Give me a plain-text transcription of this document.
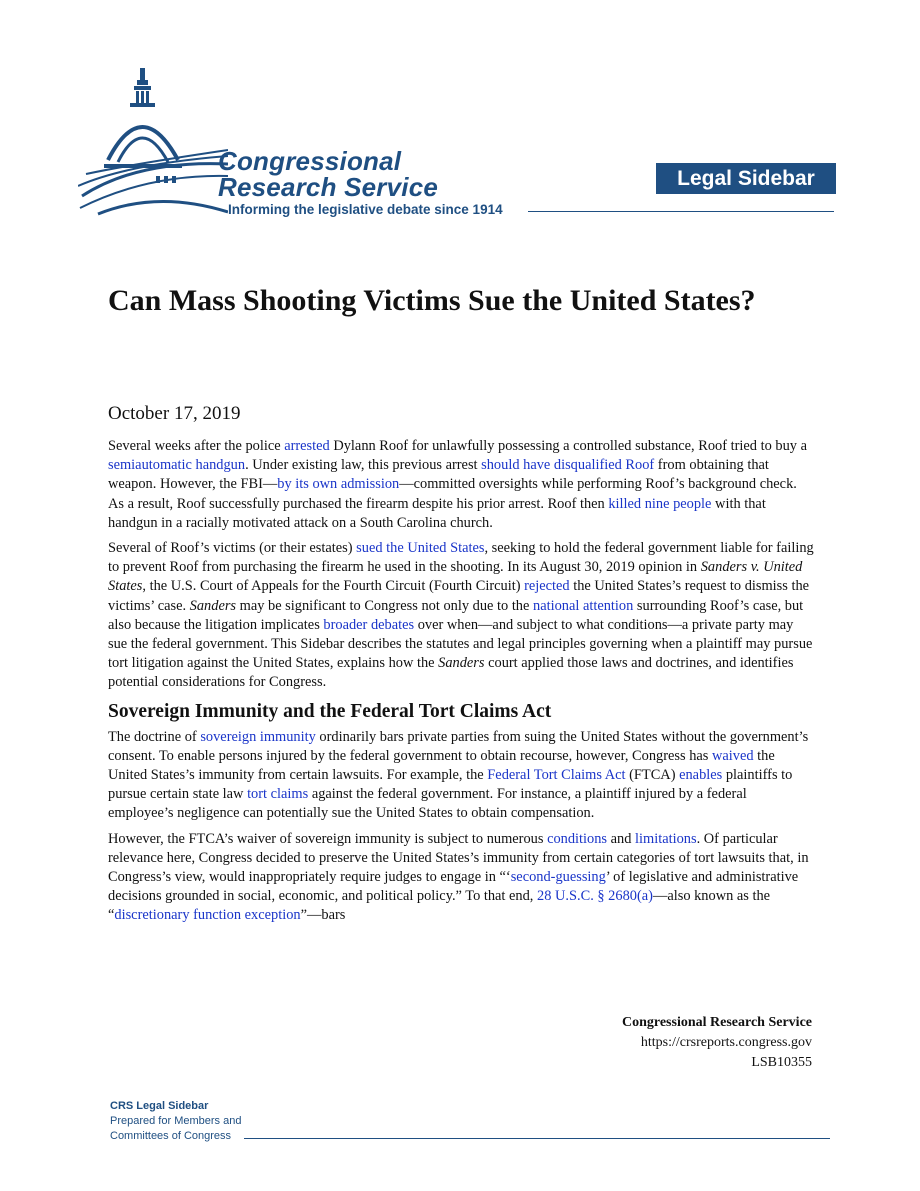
Congressional
Research Service
Informing the legislative debate since 1914
Legal Sidebar
Can Mass Shooting Victims Sue the United States?
October 17, 2019

Several weeks after the police arrested Dylann Roof for unlawfully possessing a controlled substance, Roof tried to buy a semiautomatic handgun. Under existing law, this previous arrest should have disqualified Roof from obtaining that weapon. However, the FBI—by its own admission—committed oversights while performing Roof’s background check. As a result, Roof successfully purchased the firearm despite his prior arrest. Roof then killed nine people with that handgun in a racially motivated attack on a South Carolina church.

Several of Roof’s victims (or their estates) sued the United States, seeking to hold the federal government liable for failing to prevent Roof from purchasing the firearm he used in the shooting. In its August 30, 2019 opinion in Sanders v. United States, the U.S. Court of Appeals for the Fourth Circuit (Fourth Circuit) rejected the United States’s request to dismiss the victims’ case. Sanders may be significant to Congress not only due to the national attention surrounding Roof’s case, but also because the litigation implicates broader debates over when—and subject to what conditions—a private party may sue the federal government. This Sidebar describes the statutes and legal principles governing when a plaintiff may pursue tort litigation against the United States, explains how the Sanders court applied those laws and doctrines, and identifies potential considerations for Congress.

Sovereign Immunity and the Federal Tort Claims Act

The doctrine of sovereign immunity ordinarily bars private parties from suing the United States without the government’s consent. To enable persons injured by the federal government to obtain recourse, however, Congress has waived the United States’s immunity from certain lawsuits. For example, the Federal Tort Claims Act (FTCA) enables plaintiffs to pursue certain state law tort claims against the federal government. For instance, a plaintiff injured by a federal employee’s negligence can potentially sue the United States to obtain compensation.

However, the FTCA’s waiver of sovereign immunity is subject to numerous conditions and limitations. Of particular relevance here, Congress decided to preserve the United States’s immunity from certain categories of tort lawsuits that, in Congress’s view, would inappropriately require judges to engage in “‘second-guessing’ of legislative and administrative decisions grounded in social, economic, and political policy.” To that end, 28 U.S.C. § 2680(a)—also known as the “discretionary function exception”—bars

Congressional Research Service
https://crsreports.congress.gov
LSB10355
CRS Legal Sidebar
Prepared for Members and
Committees of Congress
